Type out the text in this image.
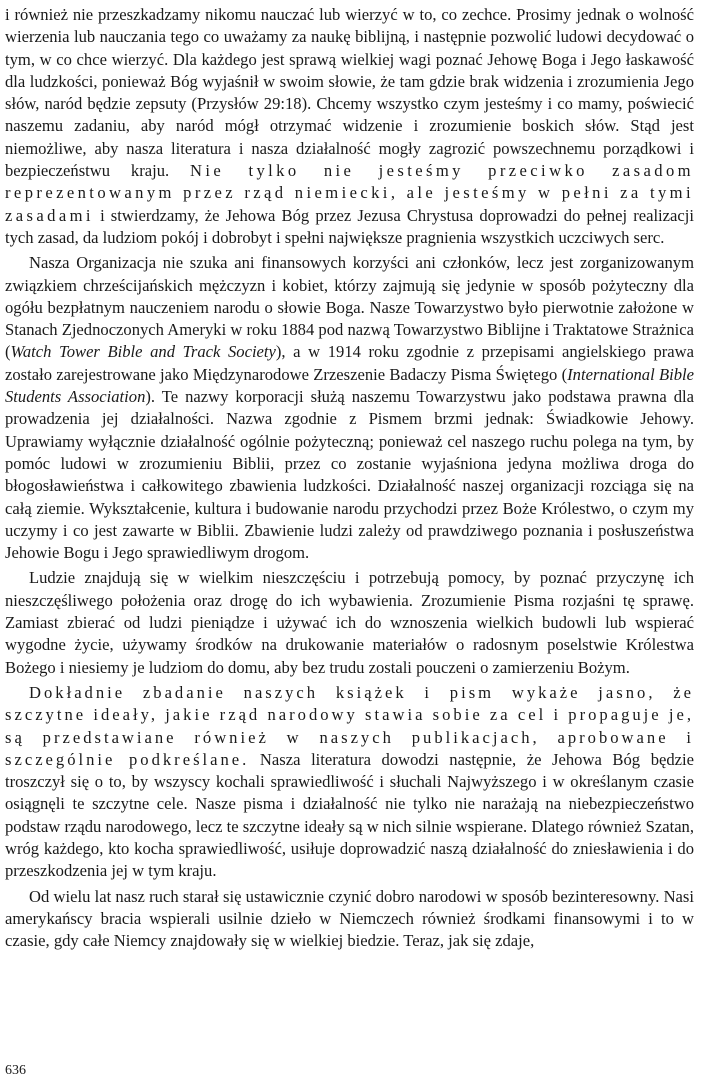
i również nie przeszkadzamy nikomu nauczać lub wierzyć w to, co zechce. Prosimy jednak o wolność wierzenia lub nauczania tego co uważamy za naukę biblijną, i następnie pozwolić ludowi decydować o tym, w co chce wierzyć. Dla każdego jest sprawą wielkiej wagi poznać Jehowę Boga i Jego łaskawość dla ludzkości, ponieważ Bóg wyjaśnił w swoim słowie, że tam gdzie brak widzenia i zrozumienia Jego słów, naród będzie zepsuty (Przysłów 29:18). Chcemy wszystko czym jesteśmy i co mamy, poświecić naszemu zadaniu, aby naród mógł otrzymać widzenie i zrozumienie boskich słów. Stąd jest niemożliwe, aby nasza literatura i nasza działalność mogły zagrozić powszechnemu porządkowi i bezpieczeństwu kraju. Nie tylko nie jesteśmy przeciwko zasadom reprezentowanym przez rząd niemiecki, ale jesteśmy w pełni za tymi zasadami i stwierdzamy, że Jehowa Bóg przez Jezusa Chrystusa doprowadzi do pełnej realizacji tych zasad, da ludziom pokój i dobrobyt i spełni największe pragnienia wszystkich uczciwych serc.

Nasza Organizacja nie szuka ani finansowych korzyści ani członków, lecz jest zorganizowanym związkiem chrześcijańskich mężczyzn i kobiet, którzy zajmują się jedynie w sposób pożyteczny dla ogółu bezpłatnym nauczeniem narodu o słowie Boga. Nasze Towarzystwo było pierwotnie założone w Stanach Zjednoczonych Ameryki w roku 1884 pod nazwą Towarzystwo Biblijne i Traktatowe Strażnica (Watch Tower Bible and Track Society), a w 1914 roku zgodnie z przepisami angielskiego prawa zostało zarejestrowane jako Międzynarodowe Zrzeszenie Badaczy Pisma Świętego (International Bible Students Association). Te nazwy korporacji służą naszemu Towarzystwu jako podstawa prawna dla prowadzenia jej działalności. Nazwa zgodnie z Pismem brzmi jednak: Świadkowie Jehowy. Uprawiamy wyłącznie działalność ogólnie pożyteczną; ponieważ cel naszego ruchu polega na tym, by pomóc ludowi w zrozumieniu Biblii, przez co zostanie wyjaśniona jedyna możliwa droga do błogosławieństwa i całkowitego zbawienia ludzkości. Działalność naszej organizacji rozciąga się na całą ziemie. Wykształcenie, kultura i budowanie narodu przychodzi przez Boże Królestwo, o czym my uczymy i co jest zawarte w Biblii. Zbawienie ludzi zależy od prawdziwego poznania i posłuszeństwa Jehowie Bogu i Jego sprawiedliwym drogom.

Ludzie znajdują się w wielkim nieszczęściu i potrzebują pomocy, by poznać przyczynę ich nieszczęśliwego położenia oraz drogę do ich wybawienia. Zrozumienie Pisma rozjaśni tę sprawę. Zamiast zbierać od ludzi pieniądze i używać ich do wznoszenia wielkich budowli lub wspierać wygodne życie, używamy środków na drukowanie materiałów o radosnym poselstwie Królestwa Bożego i niesiemy je ludziom do domu, aby bez trudu zostali pouczeni o zamierzeniu Bożym.

Dokładnie zbadanie naszych książek i pism wykaże jasno, że szczytne ideały, jakie rząd narodowy stawia sobie za cel i propaguje je, są przedstawiane również w naszych publikacjach, aprobowane i szczególnie podkreślane. Nasza literatura dowodzi następnie, że Jehowa Bóg będzie troszczył się o to, by wszyscy kochali sprawiedliwość i słuchali Najwyższego i w określanym czasie osiągnęli te szczytne cele. Nasze pisma i działalność nie tylko nie narażają na niebezpieczeństwo podstaw rządu narodowego, lecz te szczytne ideały są w nich silnie wspierane. Dlatego również Szatan, wróg każdego, kto kocha sprawiedliwość, usiłuje doprowadzić naszą działalność do zniesławienia i do przeszkodzenia jej w tym kraju.

Od wielu lat nasz ruch starał się ustawicznie czynić dobro narodowi w sposób bezinteresowny. Nasi amerykańscy bracia wspierali usilnie dzieło w Niemczech również środkami finansowymi i to w czasie, gdy całe Niemcy znajdowały się w wielkiej biedzie. Teraz, jak się zdaje,

636
